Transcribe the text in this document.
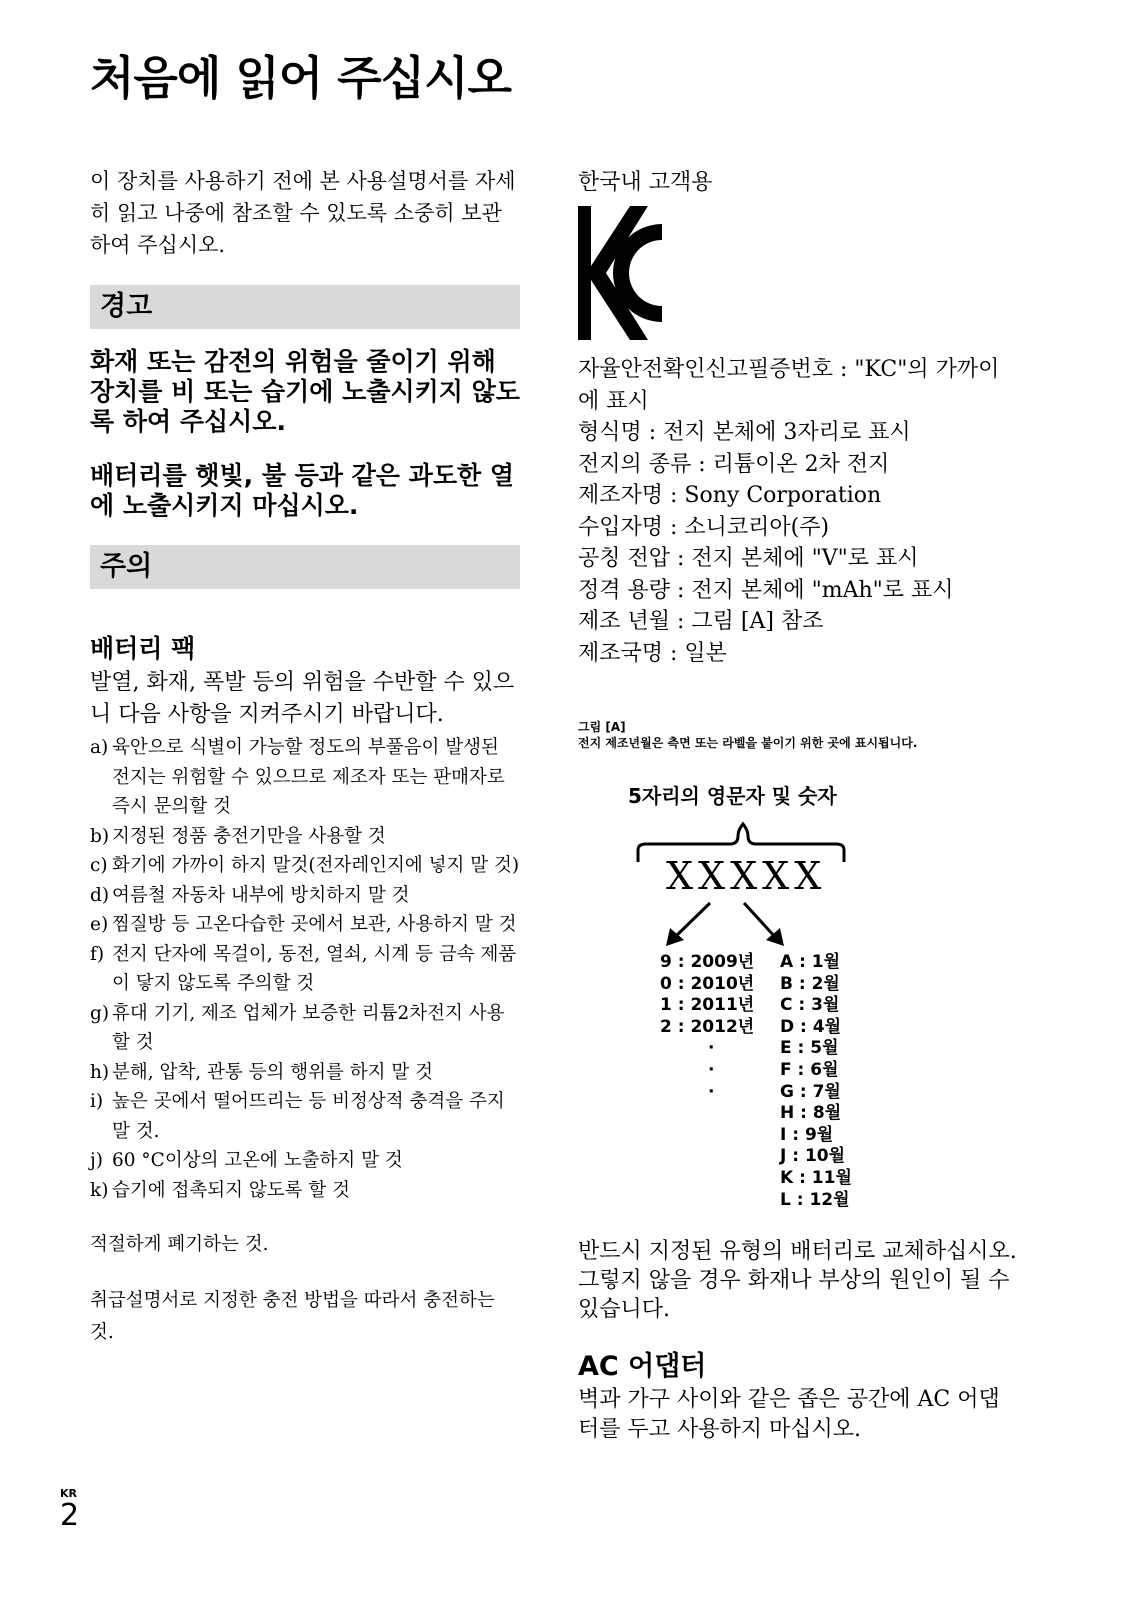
처음에 읽어 주십시오

이 장치를 사용하기 전에 본 사용설명서를 자세히 읽고 나중에 참조할 수 있도록 소중히 보관하여 주십시오.

경고

화재 또는 감전의 위험을 줄이기 위해 장치를 비 또는 습기에 노출시키지 않도록 하여 주십시오.

배터리를 햇빛, 불 등과 같은 과도한 열에 노출시키지 마십시오.

주의
배터리 팩

발열, 화재, 폭발 등의 위험을 수반할 수 있으니 다음 사항을 지켜주시기 바랍니다.

a) 육안으로 식별이 가능할 정도의 부풀음이 발생된 전지는 위험할 수 있으므로 제조자 또는 판매자로 즉시 문의할 것
b) 지정된 정품 충전기만을 사용할 것
c) 화기에 가까이 하지 말것(전자레인지에 넣지 말 것)
d) 여름철 자동차 내부에 방치하지 말 것
e) 찜질방 등 고온다습한 곳에서 보관, 사용하지 말 것
f) 전지 단자에 목걸이, 동전, 열쇠, 시계 등 금속 제품이 닿지 않도록 주의할 것
g) 휴대 기기, 제조 업체가 보증한 리튬2차전지 사용할 것
h) 분해, 압착, 관통 등의 행위를 하지 말 것
i) 높은 곳에서 떨어뜨리는 등 비정상적 충격을 주지 말 것.
j) 60 °C이상의 고온에 노출하지 말 것
k) 습기에 접촉되지 않도록 할 것

적절하게 폐기하는 것.

취급설명서로 지정한 충전 방법을 따라서 충전하는 것.

한국내 고객용
자율안전확인신고필증번호 : "KC"의 가까이에 표시
형식명 : 전지 본체에 3자리로 표시
전지의 종류 : 리튬이온 2차 전지
제조자명 : Sony Corporation
수입자명 : 소니코리아(주)
공칭 전압 : 전지 본체에 "V"로 표시
정격 용량 : 전지 본체에 "mAh"로 표시
제조 년월 : 그림 [A] 참조
제조국명 : 일본
그림 [A]
전지 제조년월은 측면 또는 라벨을 붙이기 위한 곳에 표시됩니다.
5자리의 영문자 및 숫자
XXXXX
9 : 2009년
0 : 2010년
1 : 2011년
2 : 2012년
·
·
·
A : 1월
B : 2월
C : 3월
D : 4월
E : 5월
F : 6월
G : 7월
H : 8월
I : 9월
J : 10월
K : 11월
L : 12월

반드시 지정된 유형의 배터리로 교체하십시오. 그렇지 않을 경우 화재나 부상의 원인이 될 수 있습니다.

AC 어댑터

벽과 가구 사이와 같은 좁은 공간에 AC 어댑터를 두고 사용하지 마십시오.

KR
2
